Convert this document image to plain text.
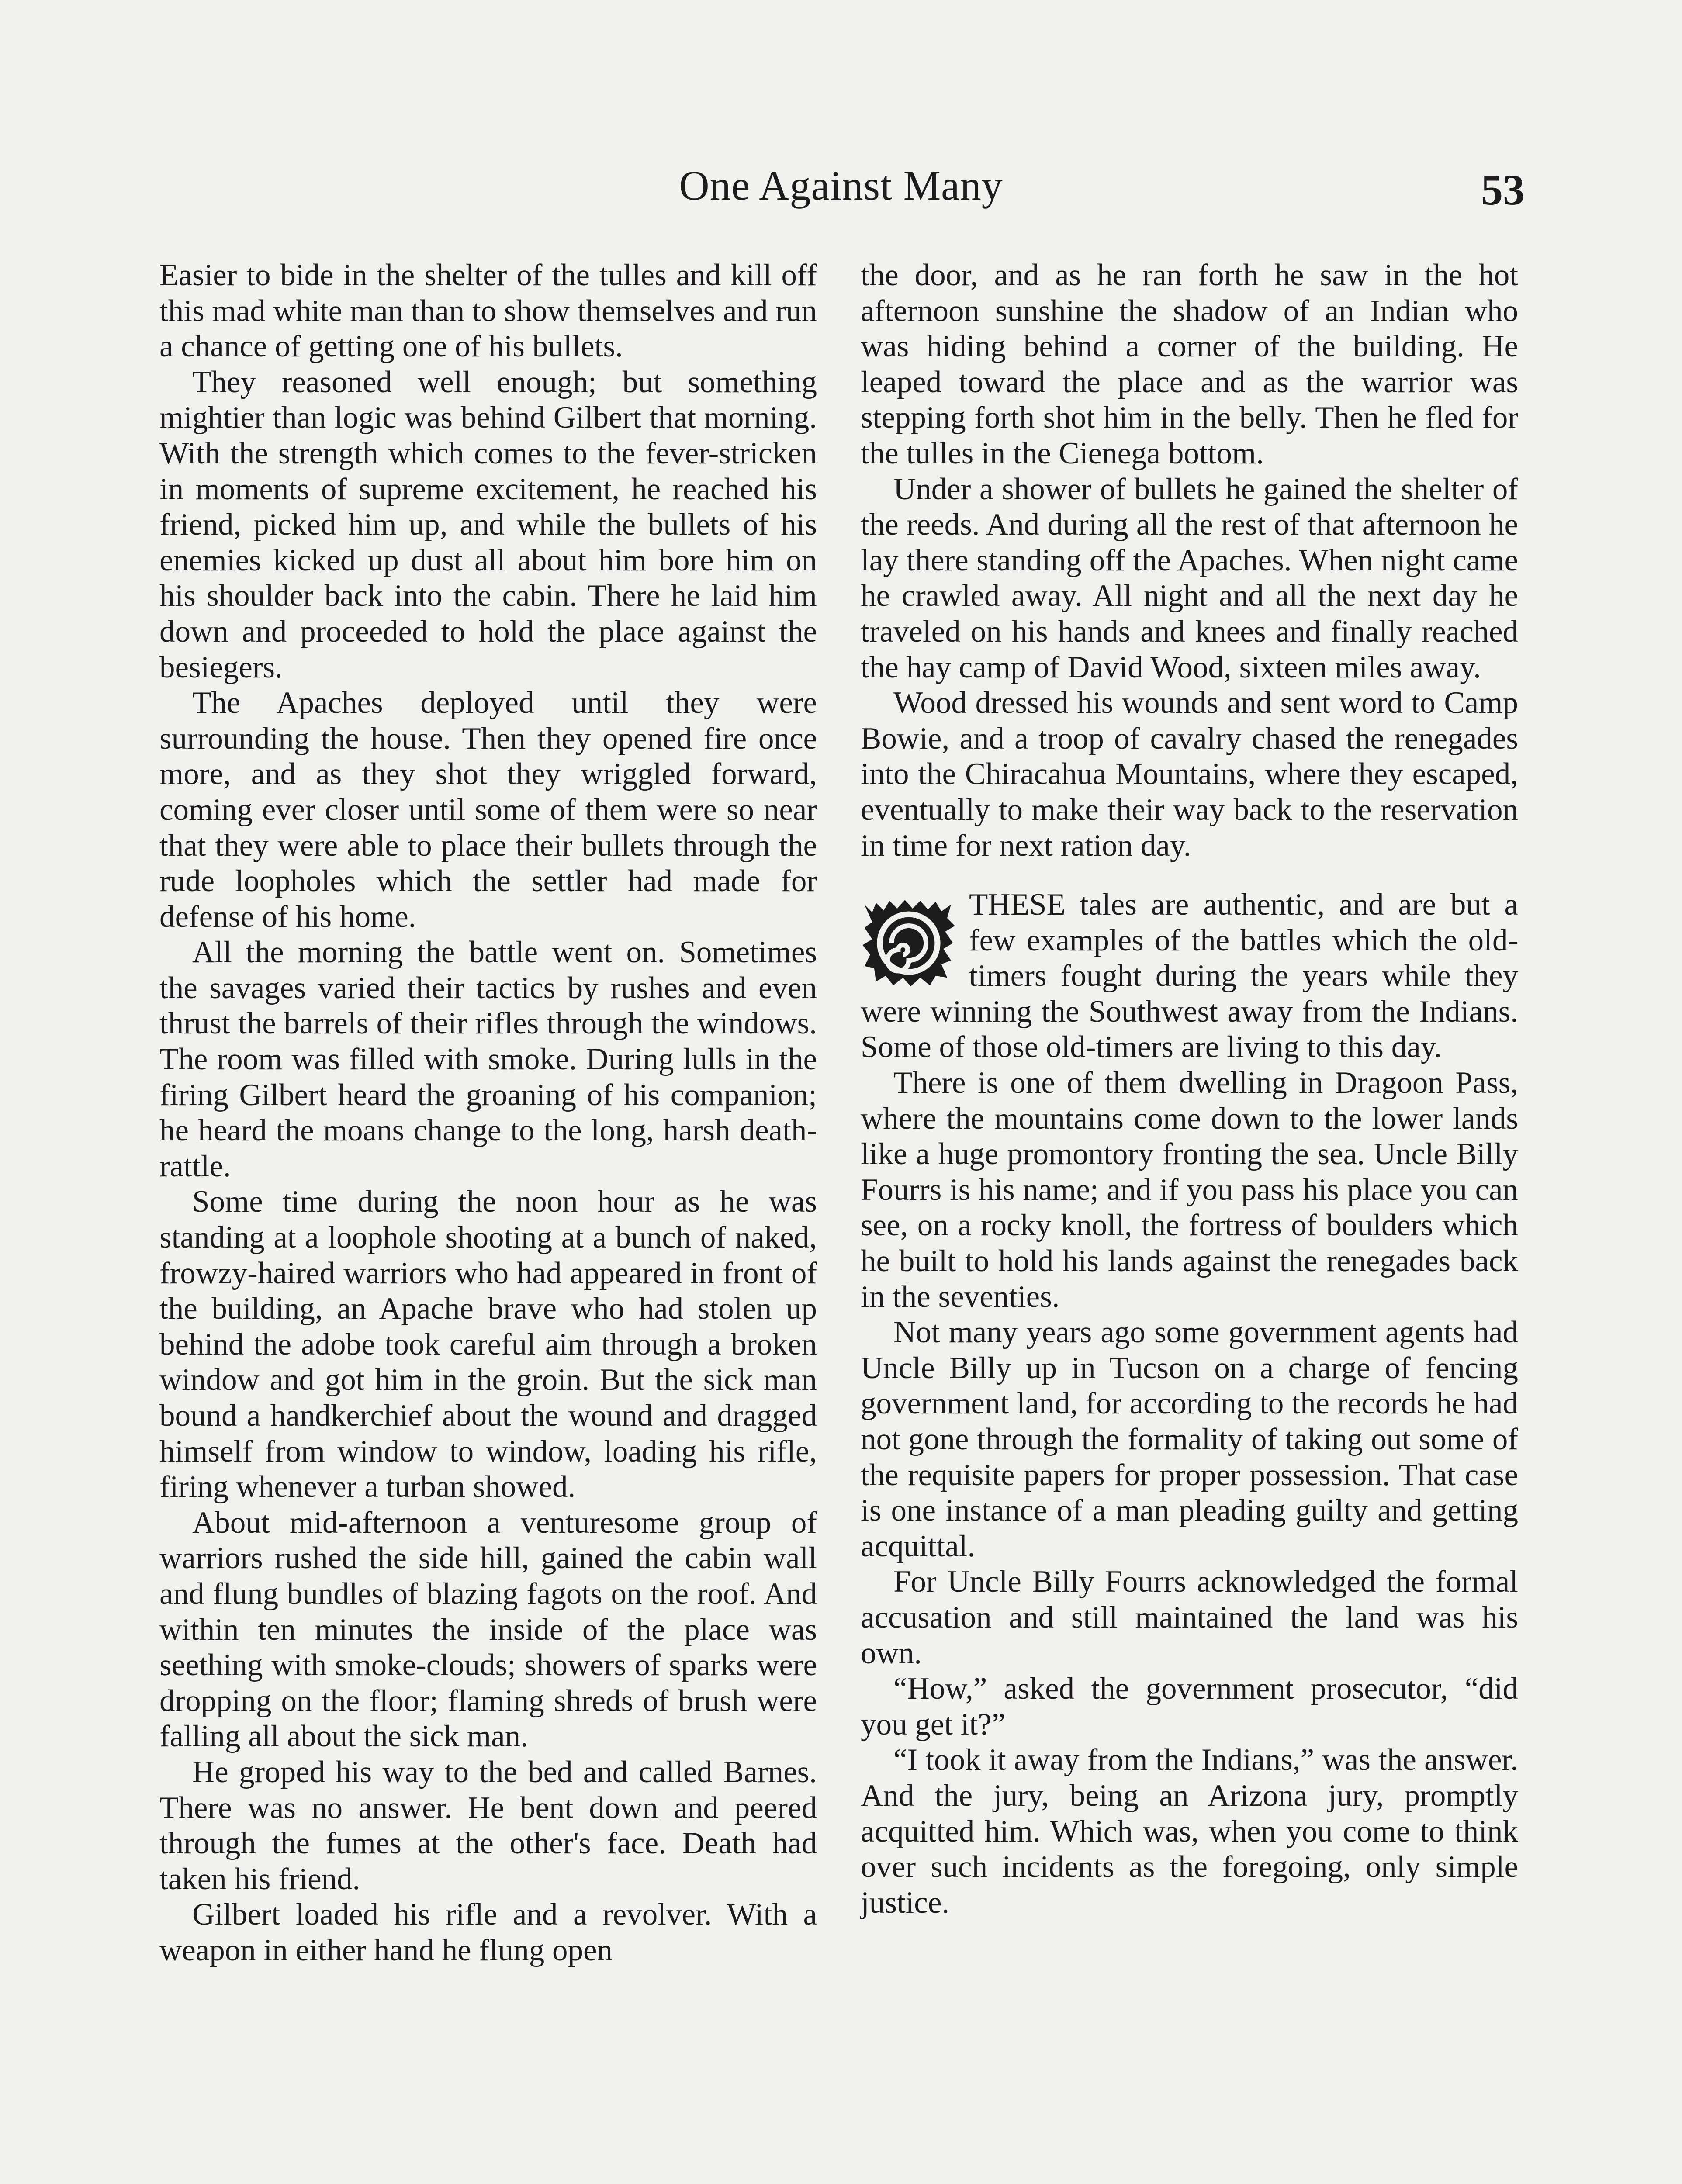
One Against Many	53

Easier to bide in the shelter of the tulles and kill off this mad white man than to show themselves and run a chance of getting one of his bullets.

They reasoned well enough; but something mightier than logic was behind Gilbert that morning. With the strength which comes to the fever-stricken in moments of supreme excitement, he reached his friend, picked him up, and while the bullets of his enemies kicked up dust all about him bore him on his shoulder back into the cabin. There he laid him down and proceeded to hold the place against the besiegers.

The Apaches deployed until they were surrounding the house. Then they opened fire once more, and as they shot they wriggled forward, coming ever closer until some of them were so near that they were able to place their bullets through the rude loopholes which the settler had made for defense of his home.

All the morning the battle went on. Sometimes the savages varied their tactics by rushes and even thrust the barrels of their rifles through the windows. The room was filled with smoke. During lulls in the firing Gilbert heard the groaning of his companion; he heard the moans change to the long, harsh death-rattle.

Some time during the noon hour as he was standing at a loophole shooting at a bunch of naked, frowzy-haired warriors who had appeared in front of the building, an Apache brave who had stolen up behind the adobe took careful aim through a broken window and got him in the groin. But the sick man bound a handkerchief about the wound and dragged himself from window to window, loading his rifle, firing whenever a turban showed.

About mid-afternoon a venturesome group of warriors rushed the side hill, gained the cabin wall and flung bundles of blazing fagots on the roof. And within ten minutes the inside of the place was seething with smoke-clouds; showers of sparks were dropping on the floor; flaming shreds of brush were falling all about the sick man.

He groped his way to the bed and called Barnes. There was no answer. He bent down and peered through the fumes at the other's face. Death had taken his friend.

Gilbert loaded his rifle and a revolver. With a weapon in either hand he flung open

the door, and as he ran forth he saw in the hot afternoon sunshine the shadow of an Indian who was hiding behind a corner of the building. He leaped toward the place and as the warrior was stepping forth shot him in the belly. Then he fled for the tulles in the Cienega bottom.

Under a shower of bullets he gained the shelter of the reeds. And during all the rest of that afternoon he lay there standing off the Apaches. When night came he crawled away. All night and all the next day he traveled on his hands and knees and finally reached the hay camp of David Wood, sixteen miles away.

Wood dressed his wounds and sent word to Camp Bowie, and a troop of cavalry chased the renegades into the Chiracahua Mountains, where they escaped, eventually to make their way back to the reservation in time for next ration day.

THESE tales are authentic, and are but a few examples of the battles which the old-timers fought during the years while they were winning the Southwest away from the Indians. Some of those old-timers are living to this day.

There is one of them dwelling in Dragoon Pass, where the mountains come down to the lower lands like a huge promontory fronting the sea. Uncle Billy Fourrs is his name; and if you pass his place you can see, on a rocky knoll, the fortress of boulders which he built to hold his lands against the renegades back in the seventies.

Not many years ago some government agents had Uncle Billy up in Tucson on a charge of fencing government land, for according to the records he had not gone through the formality of taking out some of the requisite papers for proper possession. That case is one instance of a man pleading guilty and getting acquittal.

For Uncle Billy Fourrs acknowledged the formal accusation and still maintained the land was his own.

“How,” asked the government prosecutor, “did you get it?”

“I took it away from the Indians,” was the answer. And the jury, being an Arizona jury, promptly acquitted him. Which was, when you come to think over such incidents as the foregoing, only simple justice.
